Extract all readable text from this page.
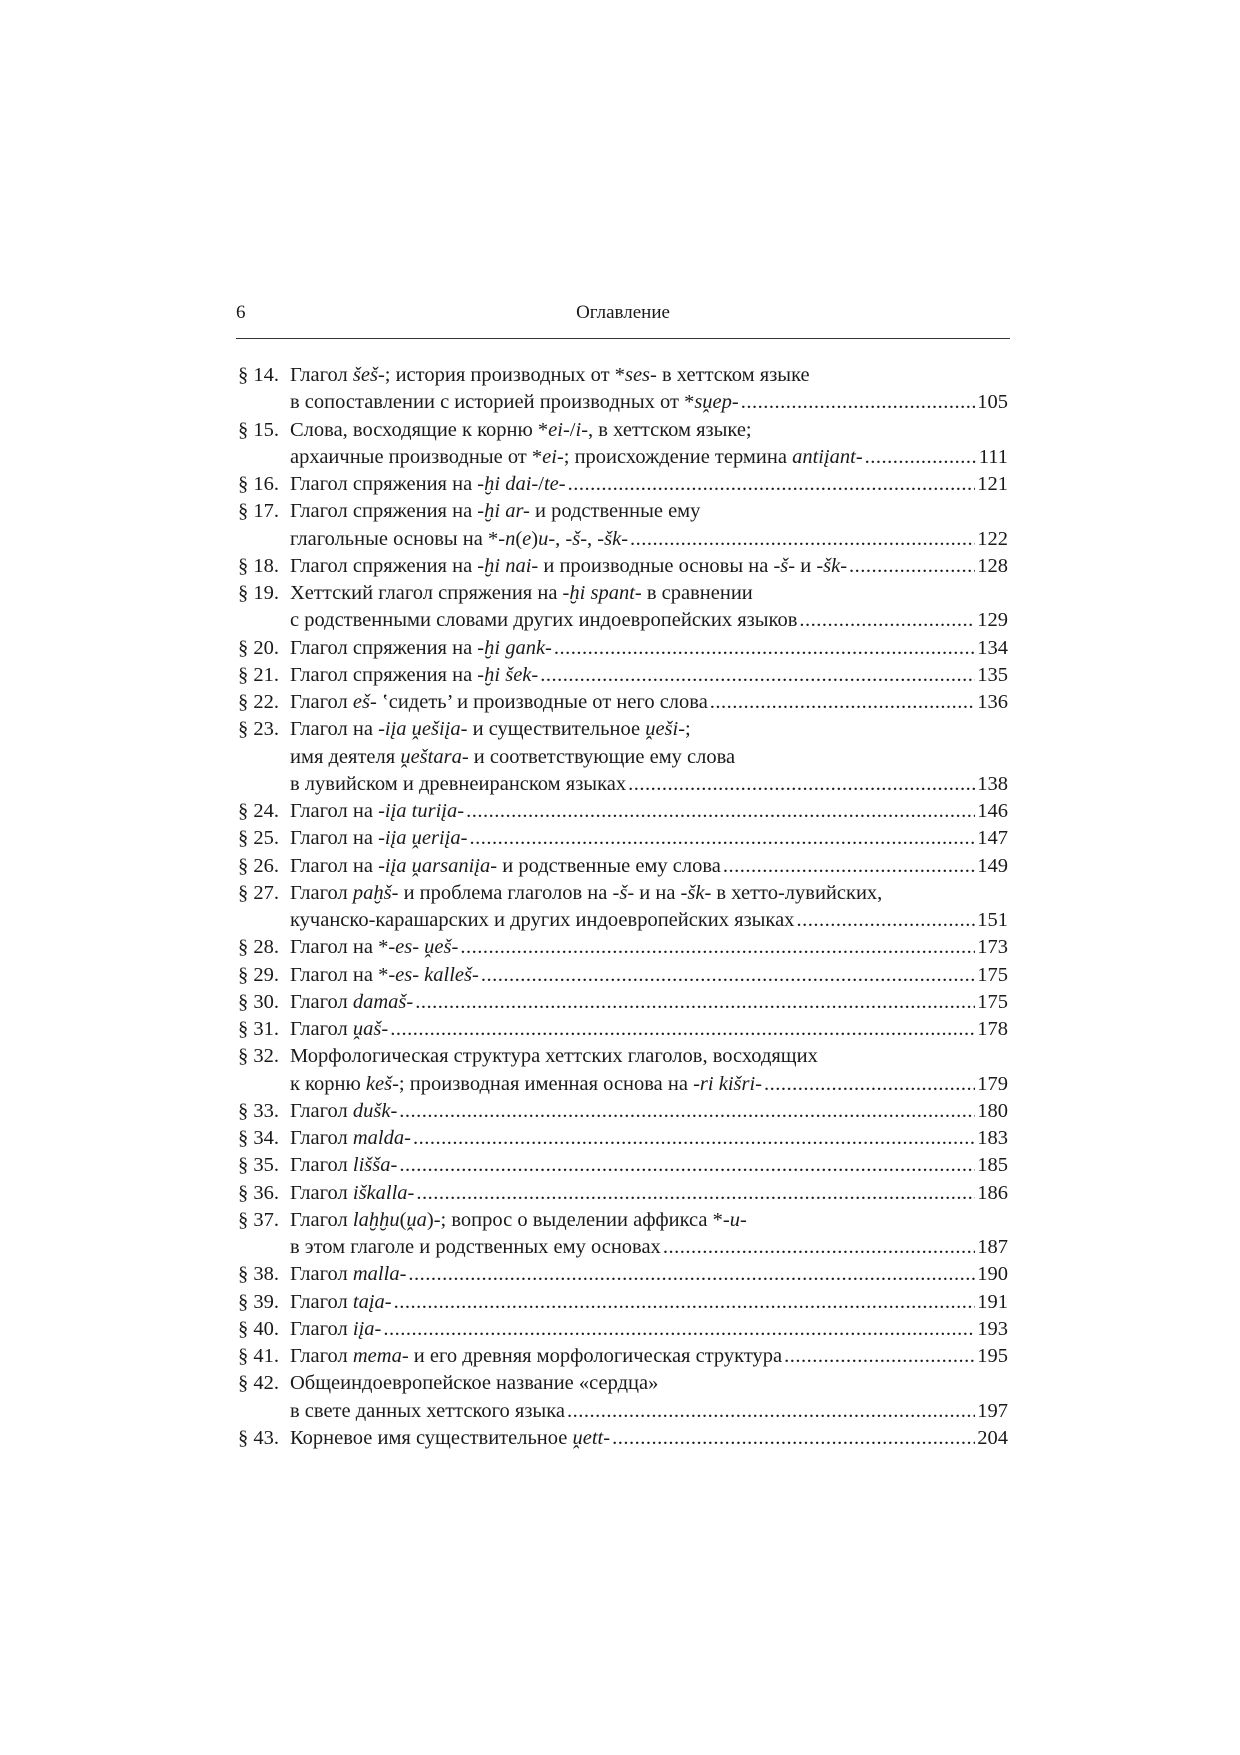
6	Оглавление
§ 14. Глагол šeš-; история производных от *ses- в хеттском языке
в сопоставлении с историей производных от *sṷep- .....	105
§ 15. Слова, восходящие к корню *ei-/i-, в хеттском языке;
архаичные производные от *ei-; происхождение термина antiįant- .....	111
§ 16. Глагол спряжения на -ḫi dai-/te- .....	121
§ 17. Глагол спряжения на -ḫi ar- и родственные ему
глагольные основы на *-n(e)u-, -š-, -šk- .....	122
§ 18. Глагол спряжения на -ḫi nai- и производные основы на -š- и -šk- .....	128
§ 19. Хеттский глагол спряжения на -ḫi spant- в сравнении
с родственными словами других индоевропейских языков .....	129
§ 20. Глагол спряжения на -ḫi gank- .....	134
§ 21. Глагол спряжения на -ḫi šek- .....	135
§ 22. Глагол eš- ʽсидеть’ и производные от него слова .....	136
§ 23. Глагол на -iįa ṷešiįa- и существительное ṷeši-;
имя деятеля ṷeštara- и соответствующие ему слова
в лувийском и древнеиранском языках .....	138
§ 24. Глагол на -iįa turiįa- .....	146
§ 25. Глагол на -iįa ṷeriįa- .....	147
§ 26. Глагол на -iįa ṷarsaniįa- и родственные ему слова .....	149
§ 27. Глагол paḫš- и проблема глаголов на -š- и на -šk- в хетто-лувийских,
кучанско-карашарских и других индоевропейских языках .....	151
§ 28. Глагол на *-es- ṷeš- .....	173
§ 29. Глагол на *-es- kalleš- .....	175
§ 30. Глагол damaš- .....	175
§ 31. Глагол ṷaš- .....	178
§ 32. Морфологическая структура хеттских глаголов, восходящих
к корню keš-; производная именная основа на -ri kišri- .....	179
§ 33. Глагол dušk- .....	180
§ 34. Глагол malda- .....	183
§ 35. Глагол lišša- .....	185
§ 36. Глагол iškalla- .....	186
§ 37. Глагол laḫḫu(ṷa)-; вопрос о выделении аффикса *-u-
в этом глаголе и родственных ему основах .....	187
§ 38. Глагол malla- .....	190
§ 39. Глагол taįa- .....	191
§ 40. Глагол iįa- .....	193
§ 41. Глагол mema- и его древняя морфологическая структура .....	195
§ 42. Общеиндоевропейское название «сердца»
в свете данных хеттского языка .....	197
§ 43. Корневое имя существительное ṷett- .....	204
